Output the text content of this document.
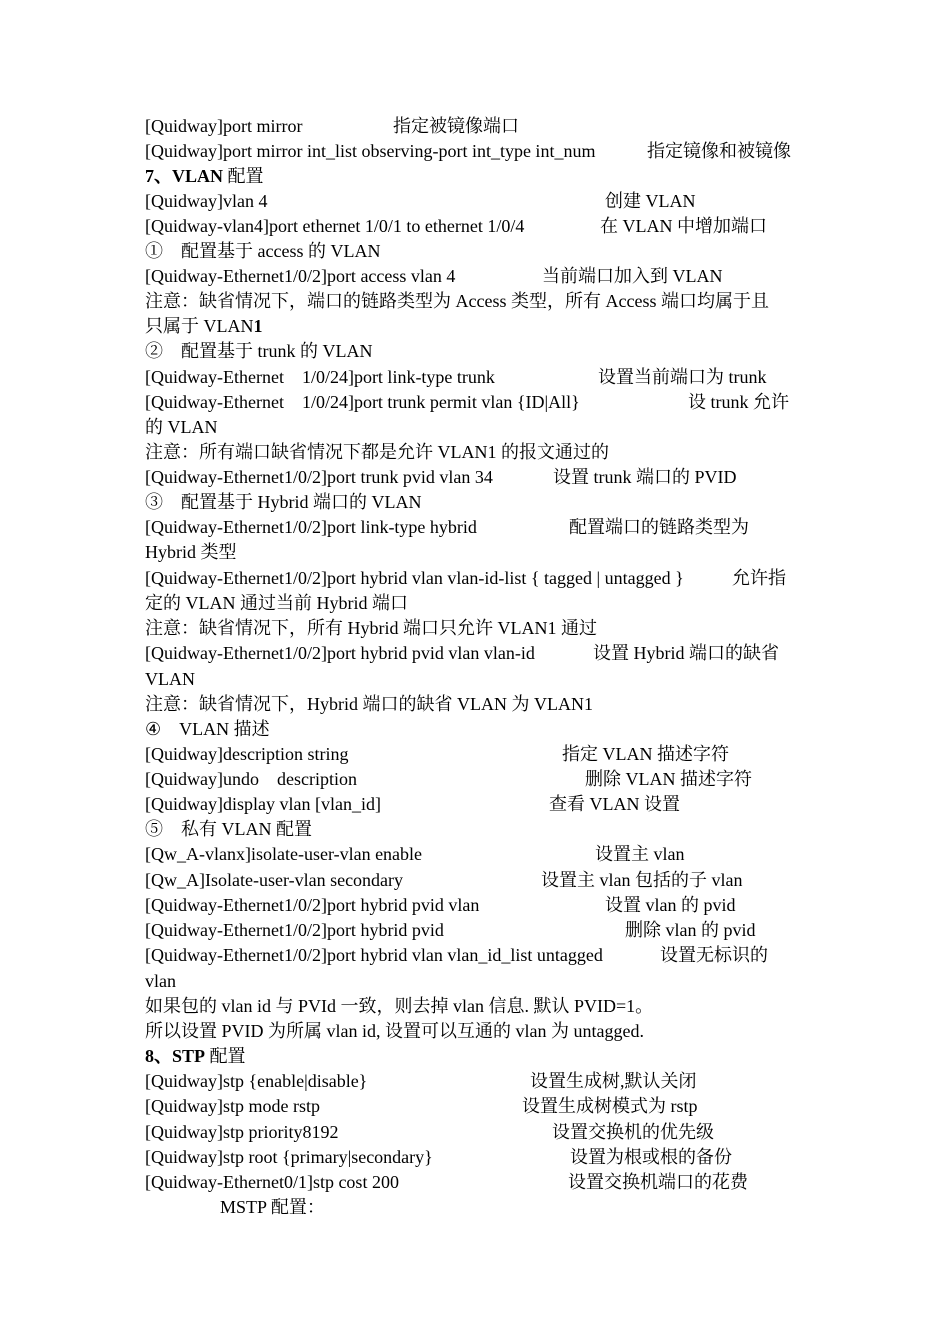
[Quidway]port mirror	指定被镜像端口
[Quidway]port mirror int_list observing-port int_type int_num	指定镜像和被镜像
7、VLAN 配置
[Quidway]vlan 4	创建 VLAN
[Quidway-vlan4]port ethernet 1/0/1 to ethernet 1/0/4	在 VLAN 中增加端口
①　配置基于 access 的 VLAN
[Quidway-Ethernet1/0/2]port access vlan 4	当前端口加入到 VLAN
注意：缺省情况下，端口的链路类型为 Access 类型，所有 Access 端口均属于且
只属于 VLAN1
②　配置基于 trunk 的 VLAN
[Quidway-Ethernet　1/0/24]port link-type trunk	设置当前端口为 trunk
[Quidway-Ethernet　1/0/24]port trunk permit vlan {ID|All}	设 trunk 允许
的 VLAN
注意：所有端口缺省情况下都是允许 VLAN1 的报文通过的
[Quidway-Ethernet1/0/2]port trunk pvid vlan 34	设置 trunk 端口的 PVID
③　配置基于 Hybrid 端口的 VLAN
[Quidway-Ethernet1/0/2]port link-type hybrid	配置端口的链路类型为
Hybrid 类型
[Quidway-Ethernet1/0/2]port hybrid vlan vlan-id-list { tagged | untagged }	允许指
定的 VLAN 通过当前 Hybrid 端口
注意：缺省情况下，所有 Hybrid 端口只允许 VLAN1 通过
[Quidway-Ethernet1/0/2]port hybrid pvid vlan vlan-id	设置 Hybrid 端口的缺省
VLAN
注意：缺省情况下，Hybrid 端口的缺省 VLAN 为 VLAN1
④　VLAN 描述
[Quidway]description string	指定 VLAN 描述字符
[Quidway]undo　description	删除 VLAN 描述字符
[Quidway]display vlan [vlan_id]	查看 VLAN 设置
⑤　私有 VLAN 配置
[Qw_A-vlanx]isolate-user-vlan enable	设置主 vlan
[Qw_A]Isolate-user-vlan secondary	设置主 vlan 包括的子 vlan
[Quidway-Ethernet1/0/2]port hybrid pvid vlan	设置 vlan 的 pvid
[Quidway-Ethernet1/0/2]port hybrid pvid	删除 vlan 的 pvid
[Quidway-Ethernet1/0/2]port hybrid vlan vlan_id_list untagged	设置无标识的
vlan
如果包的 vlan id 与 PVId 一致，则去掉 vlan 信息. 默认 PVID=1。
所以设置 PVID 为所属 vlan id, 设置可以互通的 vlan 为 untagged.
8、STP 配置
[Quidway]stp {enable|disable}	设置生成树,默认关闭
[Quidway]stp mode rstp	设置生成树模式为 rstp
[Quidway]stp priority8192	设置交换机的优先级
[Quidway]stp root {primary|secondary}	设置为根或根的备份
[Quidway-Ethernet0/1]stp cost 200	设置交换机端口的花费
MSTP 配置：
